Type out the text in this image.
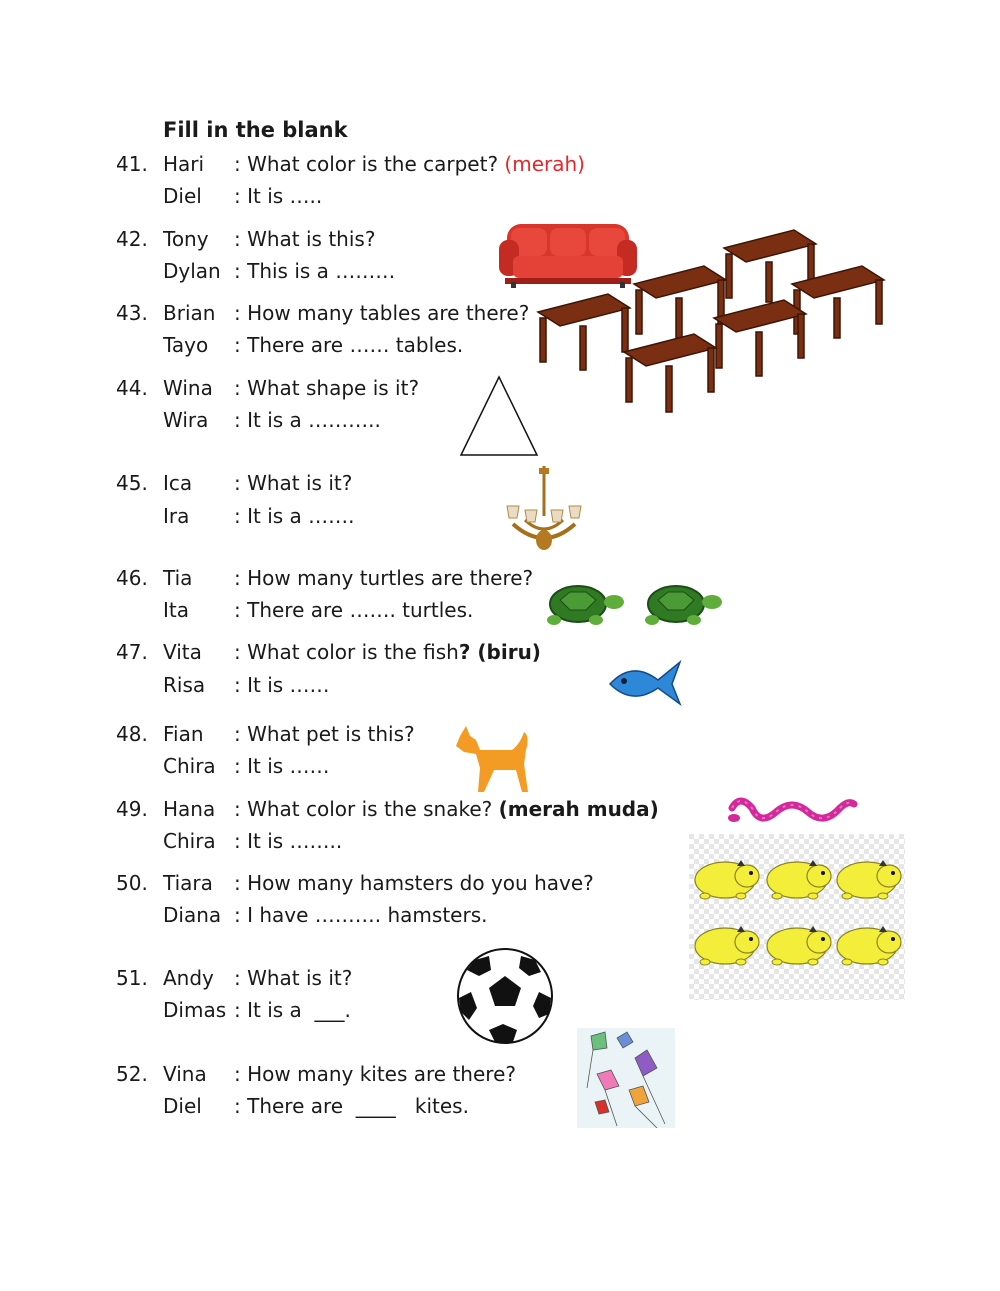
Fill in the blank
41. Hari : What color is the carpet? (merah)
Diel : It is …..
42. Tony : What is this?
Dylan : This is a ………
43. Brian : How many tables are there?
Tayo : There are …… tables.
44. Wina : What shape is it?
Wira : It is a ………..
45. Ica : What is it?
Ira : It is a …….
46. Tia : How many turtles are there?
Ita : There are ……. turtles.
47. Vita : What color is the fish? (biru)
Risa : It is ……
48. Fian : What pet is this?
Chira : It is ……
49. Hana : What color is the snake? (merah muda)
Chira : It is ……..
50. Tiara : How many hamsters do you have?
Diana : I have ………. hamsters.
51. Andy : What is it?
Dimas : It is a  ___.
52. Vina : How many kites are there?
Diel : There are  ____   kites.
